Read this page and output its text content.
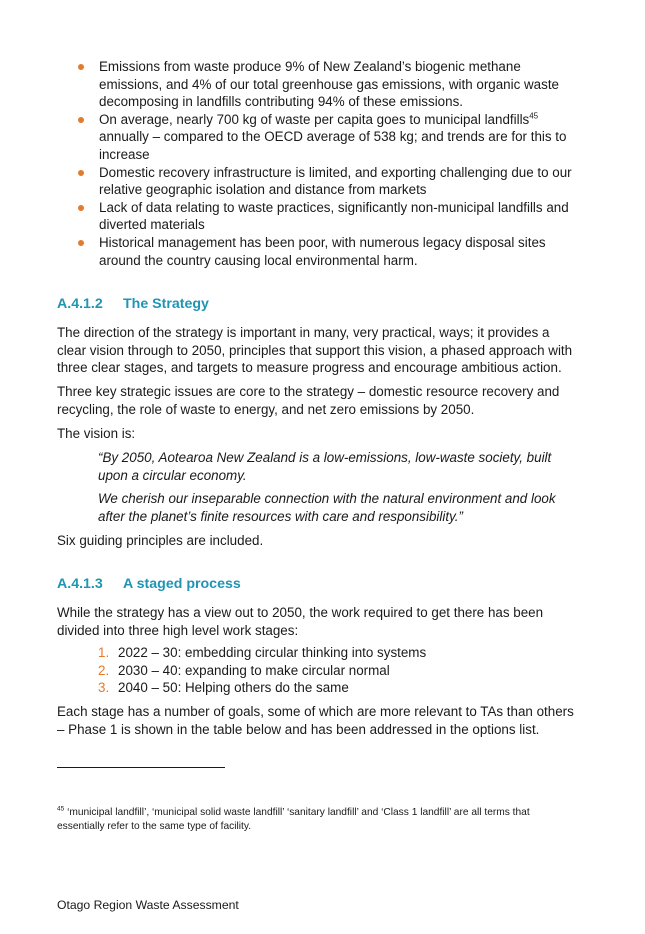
Emissions from waste produce 9% of New Zealand’s biogenic methane emissions, and 4% of our total greenhouse gas emissions, with organic waste decomposing in landfills contributing 94% of these emissions.
On average, nearly 700 kg of waste per capita goes to municipal landfills$^{45}$ annually – compared to the OECD average of 538 kg; and trends are for this to increase
Domestic recovery infrastructure is limited, and exporting challenging due to our relative geographic isolation and distance from markets
Lack of data relating to waste practices, significantly non-municipal landfills and diverted materials
Historical management has been poor, with numerous legacy disposal sites around the country causing local environmental harm.
A.4.1.2 The Strategy

The direction of the strategy is important in many, very practical, ways; it provides a clear vision through to 2050, principles that support this vision, a phased approach with three clear stages, and targets to measure progress and encourage ambitious action.

Three key strategic issues are core to the strategy – domestic resource recovery and recycling, the role of waste to energy, and net zero emissions by 2050.

The vision is:

“By 2050, Aotearoa New Zealand is a low-emissions, low-waste society, built upon a circular economy.

We cherish our inseparable connection with the natural environment and look after the planet’s finite resources with care and responsibility.”

Six guiding principles are included.

A.4.1.3 A staged process

While the strategy has a view out to 2050, the work required to get there has been divided into three high level work stages:

1. 2022 – 30: embedding circular thinking into systems
2. 2030 – 40: expanding to make circular normal
3. 2040 – 50: Helping others do the same

Each stage has a number of goals, some of which are more relevant to TAs than others – Phase 1 is shown in the table below and has been addressed in the options list.

$^{45}$ ‘municipal landfill’, ‘municipal solid waste landfill’ ‘sanitary landfill’ and ‘Class 1 landfill’ are all terms that essentially refer to the same type of facility.

Otago Region Waste Assessment
